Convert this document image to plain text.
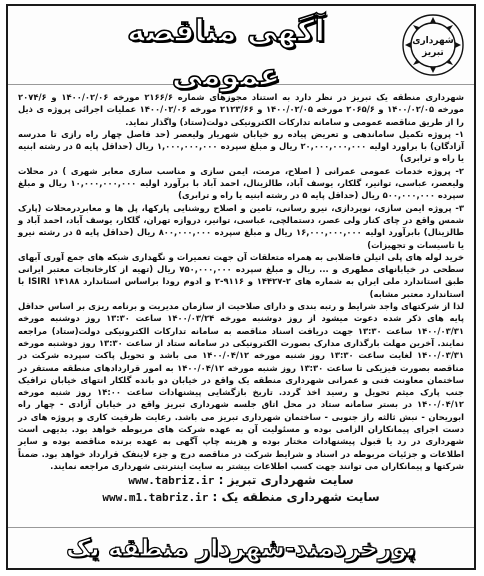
آگهی مناقصه عمومی
شهرداری
تبریز

شهرداری منطقه یک تبریز در نظر دارد به استناد مجوزهای شماره ۲۱۶۶/۶ مورخه ۱۴۰۰/۰۲/۰۶ و ۲۰۷۴/۶ مورخه ۱۴۰۰/۰۲/۰۵ و ۲۰۶۵/۶ مورخه ۱۴۰۰/۰۲/۰۵ و ۲۱۲۳/۶۶ مورخه ۱۴۰۰/۰۲/۰۶ عملیات اجرائی پروژه ی ذیل را از طریق مناقصه عمومی و سامانه تدارکات الکترونیکی دولت(ستاد) واگذار نماید.

۱- پروژه تکمیل ساماندهی و تعریض پیاده رو خیابان شهریار ولیعصر (حد فاصل چهار راه رازی تا مدرسه آزادگان) با براورد اولیه ۲۰,۰۰۰,۰۰۰,۰۰۰ ریال و مبلغ سپرده ۱,۰۰۰,۰۰۰,۰۰۰ ریال (حداقل پایه ۵ در رشته ابنیه یا راه و ترابری)

۲- پروژه خدمات عمومی عمرانی ( اصلاح، مرمت، ایمن سازی و مناسب سازی معابر شهری ) در محلات ولیعصر، عباسی، توانیر، گلکار، یوسف آباد، طالزینال، احمد آباد با برآورد اولیه ۱۰,۰۰۰,۰۰۰,۰۰۰ ریال و مبلغ سپرده ۵۰۰,۰۰۰,۰۰۰ ریال (حداقل پایه ۵ در رشته ابنیه یا راه و ترابری)

۳- پروژه ایمن سازی، نوپردازی، نیرو رسانی، تامین و اصلاح روشنایی پارکها، پل ها و معابردرمحلات (پارک شمس واقع در چای کنار ولی عصر، دستمالچی، عباسی، توانیر، دروازه تهران، گلکار، یوسف آباد، احمد آباد و طالزینال) بابرآورد اولیه ۱۶,۰۰۰,۰۰۰,۰۰۰ ریال و مبلغ سپرده ۸۰۰,۰۰۰,۰۰۰ ریال (حداقل پایه ۵ در رشته نیرو یا تاسیسات و تجهیزات)

خرید لوله های پلی اتیلن فاضلابی به همراه متعلقات آن جهت تعمیرات و نگهداری شبکه های جمع آوری آبهای سطحی در خیابانهای مطهری و ... ریال و مبلغ سپرده ۷۵۰,۰۰۰,۰۰۰ ریال (تهیه از کارخانجات معتبر ایرانی طبق استاندارد ملی ایران به شماره های ۲-۱۴۴۲۷ و ۹۱۱۶-۲ و ادوم رودا براساس استاندارد ISIRI ۱۴۱۸۸ با استاندارد معتبر مشابه)

لذا از شرکتهای واجد شرایط و رتبه بندی و دارای صلاحیت از سازمان مدیریت و برنامه ریزی بر اساس حداقل پایه های ذکر شده دعوت میشود از روز دوشنبه مورخه ۱۴۰۰/۰۳/۲۴ ساعت ۱۳:۳۰ روز دوشنبه مورخه ۱۴۰۰/۰۳/۳۱ ساعت ۱۳:۳۰ جهت دریافت اسناد مناقصه به سامانه تدارکات الکترونیکی دولت(ستاد) مراجعه نمایند. آخرین مهلت بارگذاری مدارک بصورت الکترونیکی در سامانه ستاد از ساعت ۱۳:۳۰ روز دوشنبه مورخه ۱۴۰۰/۰۳/۳۱ لغایت ساعت ۱۳:۳۰ روز شنبه مورخه ۱۴۰۰/۰۴/۱۲ می باشد و تحویل پاکت سپرده شرکت در مناقصه بصورت فیزیکی تا ساعت ۱۳:۳۰ روز شنبه مورخه ۱۴۰۰/۰۴/۱۲ به امور قراردادهای منطقه مستقر در ساختمان معاونت فنی و عمرانی شهرداری منطقه یک واقع در خیابان دو بانده گلکار انتهای خیابان ترافیک جنب پارک میثم تحویل و رسید اخذ گردد. تاریخ بازگشایی پیشنهادات ساعت ۱۴:۰۰ روز شنبه مورخه ۱۴۰۰/۰۴/۱۲ در بستر سامانه ستاد در محل اتاق جلسه شهرداری تبریز واقع در خیابان آزادی - چهار راه ابوریحان - نبش ثالثه راز جنوبی - ساختمان شهرداری تبریز می باشد. رعایت ظرفیت کاری و پروژه های در دست اجرای پیمانکاران الزامی بوده و مسئولیت آن به عهده شرکت های مربوطه خواهد بود. بدیهی است شهرداری در رد یا قبول پیشنهادات مختار بوده و هزینه چاپ آگهی به عهده برنده مناقصه بوده و سایر اطلاعات و جزئیات مربوطه در اسناد و شرایط شرکت در مناقصه درج و جزء لاینفک قرارداد خواهد بود. ضمناً شرکتها و پیمانکاران می توانند جهت کسب اطلاعات بیشتر به سایت اینترنتی شهرداری مراجعه نمایند.

سایت شهرداری تبریز : www.tabriz.ir
سایت شهرداری منطقه یک : www.m1.tabriz.ir
پورخردمند-شهردار منطقه یک
